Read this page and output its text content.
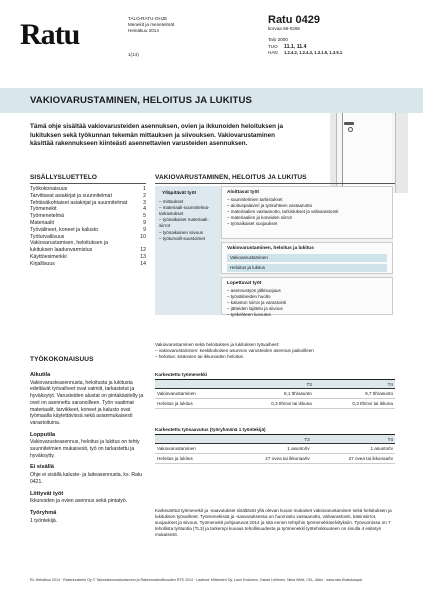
Ratu	TALO-RATU-OHJE
Menekit ja menetelmät
Heinäkuu 2014
1(14)
Ratu 0429
korvaa 56-0266
Talo 2000
TUO	11.1, 11.4
HAN	1.2.4.2, 1.2.4.3, 1.3.1.5, 1.3.5.1
VAKIOVARUSTAMINEN, HELOITUS JA LUKITUS
Tämä ohje sisältää vakiovarusteiden asennuksen, ovien ja ikkunoiden heloituksen ja lukituksen sekä työkunnan tekemän mittauksen ja siivouksen. Vakiovarustaminen käsittää rakennukseen kiinteästi asennettavien varusteiden asennuksen.
SISÄLLYSLUETTELO
Työkokonaisuus	1
Tarvittavat asiakirjat ja suunnitelmat	2
Tehtäväkohtaiset asiakirjat ja suunnitelmat	3
Työmenekit	4
Työmenetelmä	5
Materiaalit	9
Työvälineet, koneet ja kalusto	9
Työturvallisuus	10
Vakiovarustamisen, heloituksen ja lukituksen laadunvarmistus	12
Käyttöesimerkki	13
Kirjallisuus	14
VAKIOVARUSTAMINEN, HELOITUS JA LUKITUS
Ylläpitävät työt
– mittaukset
– materiaali-suunnitelma-tarkastukset
– työnaikaiset materiaali-siirrot
– työnaikainen siivous
– työturvalli-suustoimet
Aloittavat työt
– suunnitelmien tarkistukset
– aloituspalaveri ja työkohteen vastaanotto
– materiaalien vastaanotto, tarkistukset ja välivarastointi
– materiaalien ja koneiden siirrot
– työnaikaiset suojaukset
Vakiovarustaminen, heloitus ja lukitus
Vakiovarustaminen
Heloitus ja lukitus
Lopettavat työt
– asennustyön jälkisuojaus
– työvälineiden huolto
– kaluston siirrot ja varastointi
– jätteiden lajittelu ja siivous
– työkohteen luovutus
Vakiovarustaminen sekä heloituksen ja lukituksen työvaiheet:
– vakiovarustaminen: keskikokoisen asunnon varusteiden asennus paikoilleen
– heloitus: sisäovien tai ikkunoiden heloitus.
Karkeutettu työmenekki
	T3	T4
Vakiovarustaminen	8,1 tth/asunto	9,7 tth/asunto
Heloitus ja lukitus	0,3 tth/ovi tai ikkuna	0,3 tth/ovi tai ikkuna
Karkeutettu työsaavutus (työryhmänä 1 työntekijä)
	T3	T4
Vakiovarustaminen	1 asunto/tv	1 asunto/tv
Heloitus ja lukitus	27 ovea tai ikkunaa/tv	27 ovea tai ikkunaa/tv
Karkeutettut työmenekit ja -saavutukset sisältävät yllä olevan kuvan mukaiset vakiovarustamisen sekä heloituksen ja lukituksen työvaiheet. Työmenekissä ja -saavutuksessa on huomioitu vastaanotto, välivarastointi, käsinsiirrot, suojaukset ja siivous. Työmenekit pohjautuvat 2014 ja sitä ennen tehtyihin työmenekkiselvityksiin. Työvuorossa on 7 tehollista työtuntia (TL3) ja tarkempi kuvaus tehollisuudesta ja työmenekki työtehokkuuteen on sivulla 4 esitetyn mukaisesti.
TYÖKOKONAISUUS
Alkutila
Vakiovarusteasennusta, heloitusta ja lukitusta edeltävät työvaiheet ovat valmiit, tarkastetut ja hyväksytyt. Varusteiden alustat on pintakäsitelty ja ovet on asennettu saranoilleen. Työn vaatimat materiaalit, tarvikkeet, koneet ja kalusto ovat työmaalla käytettävissä sekä asianmukaisesti varastoituina.
Lopputila
Vakiovarusteasennus, heloitus ja lukitus on tehty suunnitelmien mukaisesti, työ on tarkastettu ja hyväksytty.
Ei sisällä
Ohje ei sisällä kaluste- ja laiteasennusta, ks. Ratu 0421.
Liittyvät työt
Ikkunoiden ja ovien asennus sekä pintatyö.
Työryhmä
1 työntekijä.
RL-Heinäkuu 2014 · Rakennustieto Oy © Talonrakennustuotannon ja Rakennusteollisuuden RTS 2014 · Laatinut: Mittarinen Oy, Lauri Koskinen, Oskari Lehtinen, Niina Wirtti, CKL, Aktio · www.ratu.fi/ratukaupat
